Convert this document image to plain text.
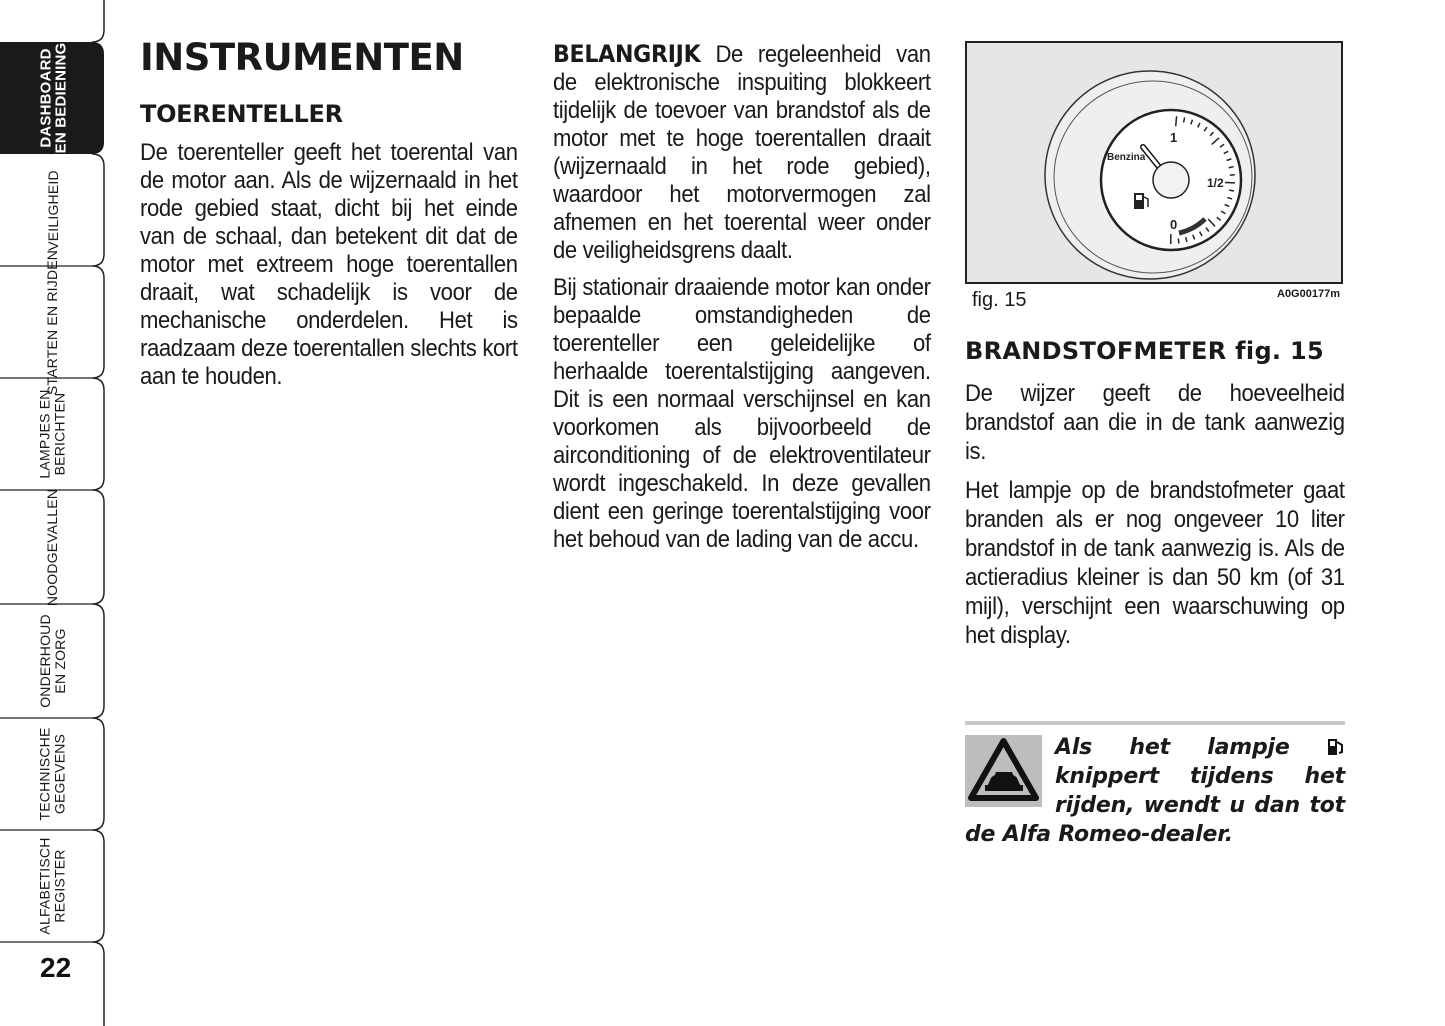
DASHBOARD
EN BEDIENING
VEILIGHEID
STARTEN EN RIJDEN
LAMPJES EN
BERICHTEN
NOODGEVALLEN
ONDERHOUD
EN ZORG
TECHNISCHE
GEGEVENS
ALFABETISCH
REGISTER
22
INSTRUMENTEN
TOERENTELLER

De toerenteller geeft het toerental van de motor aan. Als de wijzernaald in het rode gebied staat, dicht bij het einde van de schaal, dan betekent dit dat de motor met extreem hoge toerentallen draait, wat schadelijk is voor de mechanische onderdelen. Het is raadzaam deze toerentallen slechts kort aan te houden.

BELANGRIJK De regeleenheid van de elektronische inspuiting blokkeert tijdelijk de toevoer van brandstof als de motor met te hoge toerentallen draait (wijzernaald in het rode gebied), waardoor het motorvermogen zal afnemen en het toerental weer onder de veiligheidsgrens daalt.

Bij stationair draaiende motor kan onder bepaalde omstandigheden de toerenteller een geleidelijke of herhaalde toerentalstijging aangeven. Dit is een normaal verschijnsel en kan voorkomen als bijvoorbeeld de airconditioning of de elektroventilateur wordt ingeschakeld. In deze gevallen dient een geringe toerentalstijging voor het behoud van de lading van de accu.

Benzina
1
1/2
0
fig. 15	A0G00177m
BRANDSTOFMETER fig. 15

De wijzer geeft de hoeveelheid brandstof aan die in de tank aanwezig is.

Het lampje op de brandstofmeter gaat branden als er nog ongeveer 10 liter brandstof in de tank aanwezig is. Als de actieradius kleiner is dan 50 km (of 31 mijl), verschijnt een waarschuwing op het display.

Als het lampje  knippert tijdens het rijden, wendt u dan tot de Alfa Romeo-dealer.
